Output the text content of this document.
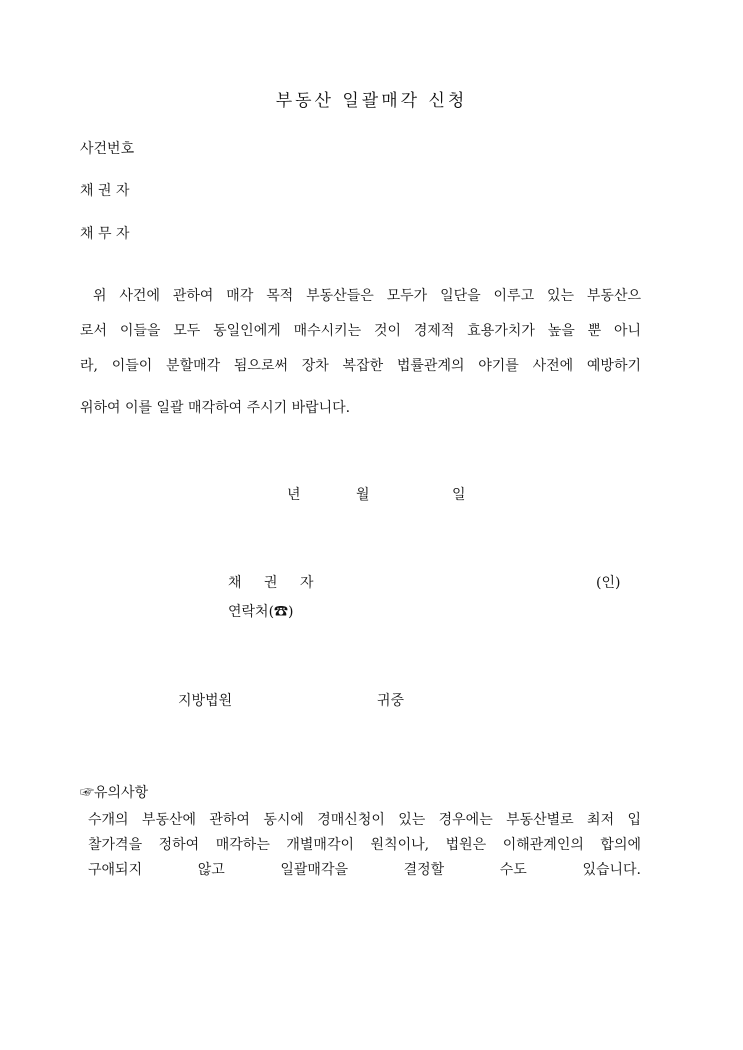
부동산 일괄매각 신청
사건번호
채 권 자
채 무 자
위 사건에 관하여 매각 목적 부동산들은 모두가 일단을 이루고 있는 부동산으
로서 이들을 모두 동일인에게 매수시키는 것이 경제적 효용가치가 높을 뿐 아니
라, 이들이 분할매각 됨으로써 장차 복잡한 법률관계의 야기를 사전에 예방하기
위하여 이를 일괄 매각하여 주시기 바랍니다.
년	월	일
채 권 자	(인)
연락처(☎)
지방법원	귀중
☞유의사항
수개의 부동산에 관하여 동시에 경매신청이 있는 경우에는 부동산별로 최저 입
찰가격을 정하여 매각하는 개별매각이 원칙이나, 법원은 이해관계인의 합의에
구애되지 않고 일괄매각을 결정할 수도 있습니다.
